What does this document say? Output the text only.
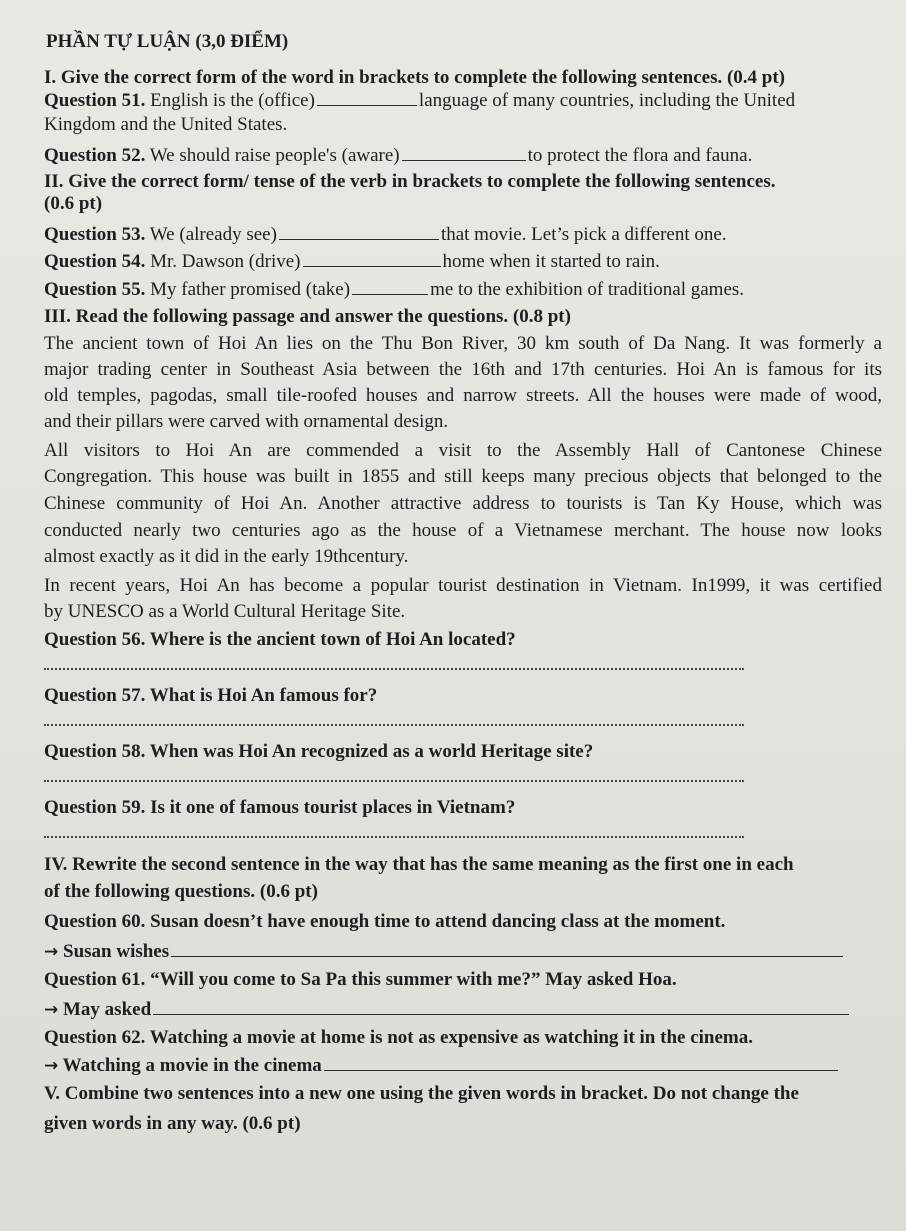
PHẦN TỰ LUẬN (3,0 ĐIỂM)
I. Give the correct form of the word in brackets to complete the following sentences. (0.4 pt)
Question 51. English is the (office)	language of many countries, including the United
Kingdom and the United States.
Question 52. We should raise people's (aware)	to protect the flora and fauna.
II. Give the correct form/ tense of the verb in brackets to complete the following sentences.
(0.6 pt)
Question 53. We (already see)	that movie. Let’s pick a different one.
Question 54. Mr. Dawson (drive)	home when it started to rain.
Question 55. My father promised (take)	me to the exhibition of traditional games.
III. Read the following passage and answer the questions. (0.8 pt)
The ancient town of Hoi An lies on the Thu Bon River, 30 km south of Da Nang. It was formerly a
major trading center in Southeast Asia between the 16th and 17th centuries. Hoi An is famous for its
old temples, pagodas, small tile-roofed houses and narrow streets. All the houses were made of wood,
and their pillars were carved with ornamental design.
All visitors to Hoi An are commended a visit to the Assembly Hall of Cantonese Chinese
Congregation. This house was built in 1855 and still keeps many precious objects that belonged to the
Chinese community of Hoi An. Another attractive address to tourists is Tan Ky House, which was
conducted nearly two centuries ago as the house of a Vietnamese merchant. The house now looks
almost exactly as it did in the early 19thcentury.
In recent years, Hoi An has become a popular tourist destination in Vietnam. In1999, it was certified
by UNESCO as a World Cultural Heritage Site.
Question 56. Where is the ancient town of Hoi An located?
Question 57. What is Hoi An famous for?
Question 58. When was Hoi An recognized as a world Heritage site?
Question 59. Is it one of famous tourist places in Vietnam?
IV. Rewrite the second sentence in the way that has the same meaning as the first one in each
of the following questions. (0.6 pt)
Question 60. Susan doesn’t have enough time to attend dancing class at the moment.
→ Susan wishes
Question 61. “Will you come to Sa Pa this summer with me?” May asked Hoa.
→ May asked
Question 62. Watching a movie at home is not as expensive as watching it in the cinema.
→ Watching a movie in the cinema
V. Combine two sentences into a new one using the given words in bracket. Do not change the
given words in any way. (0.6 pt)
